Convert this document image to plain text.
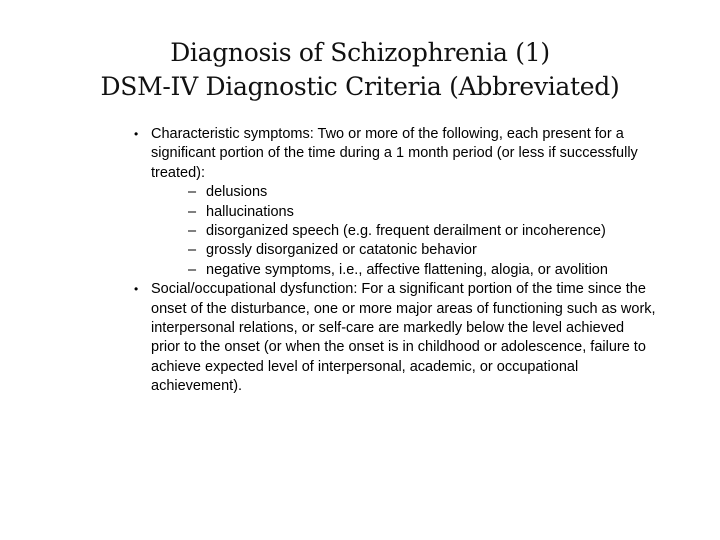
Diagnosis of Schizophrenia (1)
DSM-IV Diagnostic Criteria (Abbreviated)
• Characteristic symptoms: Two or more of the following, each present for a significant portion of the time during a 1 month period (or less if successfully treated):
– delusions
– hallucinations
– disorganized speech (e.g. frequent derailment or incoherence)
– grossly disorganized or catatonic behavior
– negative symptoms, i.e., affective flattening, alogia, or avolition
• Social/occupational dysfunction: For a significant portion of the time since the onset of the disturbance, one or more major areas of functioning such as work, interpersonal relations, or self-care are markedly below the level achieved prior to the onset (or when the onset is in childhood or adolescence, failure to achieve expected level of interpersonal, academic, or occupational achievement).
